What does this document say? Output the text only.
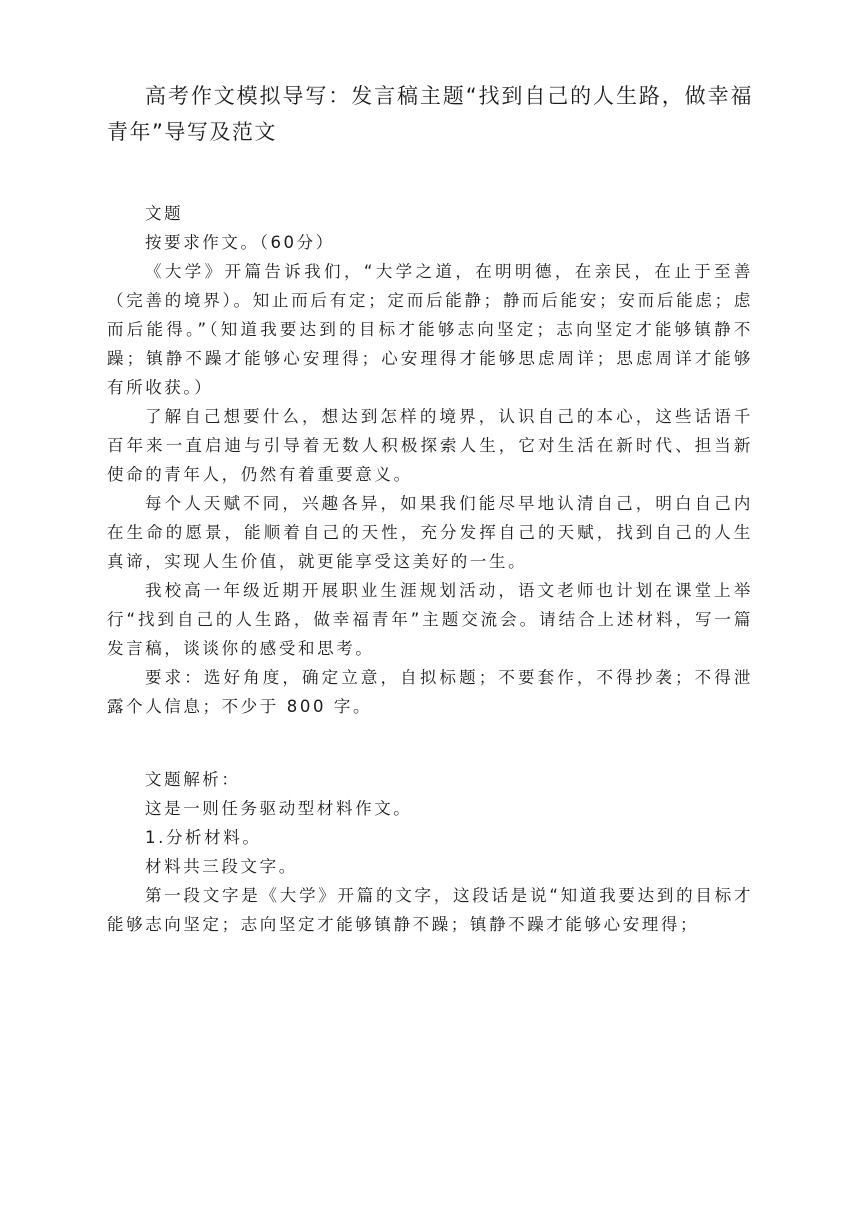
高考作文模拟导写：发言稿主题“找到自己的人生路，做幸福青年”导写及范文

文题

按要求作文。（60分）

《大学》开篇告诉我们，“大学之道，在明明德，在亲民，在止于至善（完善的境界）。知止而后有定；定而后能静；静而后能安；安而后能虑；虑而后能得。”（知道我要达到的目标才能够志向坚定；志向坚定才能够镇静不躁；镇静不躁才能够心安理得；心安理得才能够思虑周详；思虑周详才能够有所收获。）

了解自己想要什么，想达到怎样的境界，认识自己的本心，这些话语千百年来一直启迪与引导着无数人积极探索人生，它对生活在新时代、担当新使命的青年人，仍然有着重要意义。

每个人天赋不同，兴趣各异，如果我们能尽早地认清自己，明白自己内在生命的愿景，能顺着自己的天性，充分发挥自己的天赋，找到自己的人生真谛，实现人生价值，就更能享受这美好的一生。

我校高一年级近期开展职业生涯规划活动，语文老师也计划在课堂上举行“找到自己的人生路，做幸福青年”主题交流会。请结合上述材料，写一篇发言稿，谈谈你的感受和思考。

要求：选好角度，确定立意，自拟标题；不要套作，不得抄袭；不得泄露个人信息；不少于 800 字。

文题解析：

这是一则任务驱动型材料作文。

1.分析材料。

材料共三段文字。

第一段文字是《大学》开篇的文字，这段话是说“知道我要达到的目标才能够志向坚定；志向坚定才能够镇静不躁；镇静不躁才能够心安理得；
